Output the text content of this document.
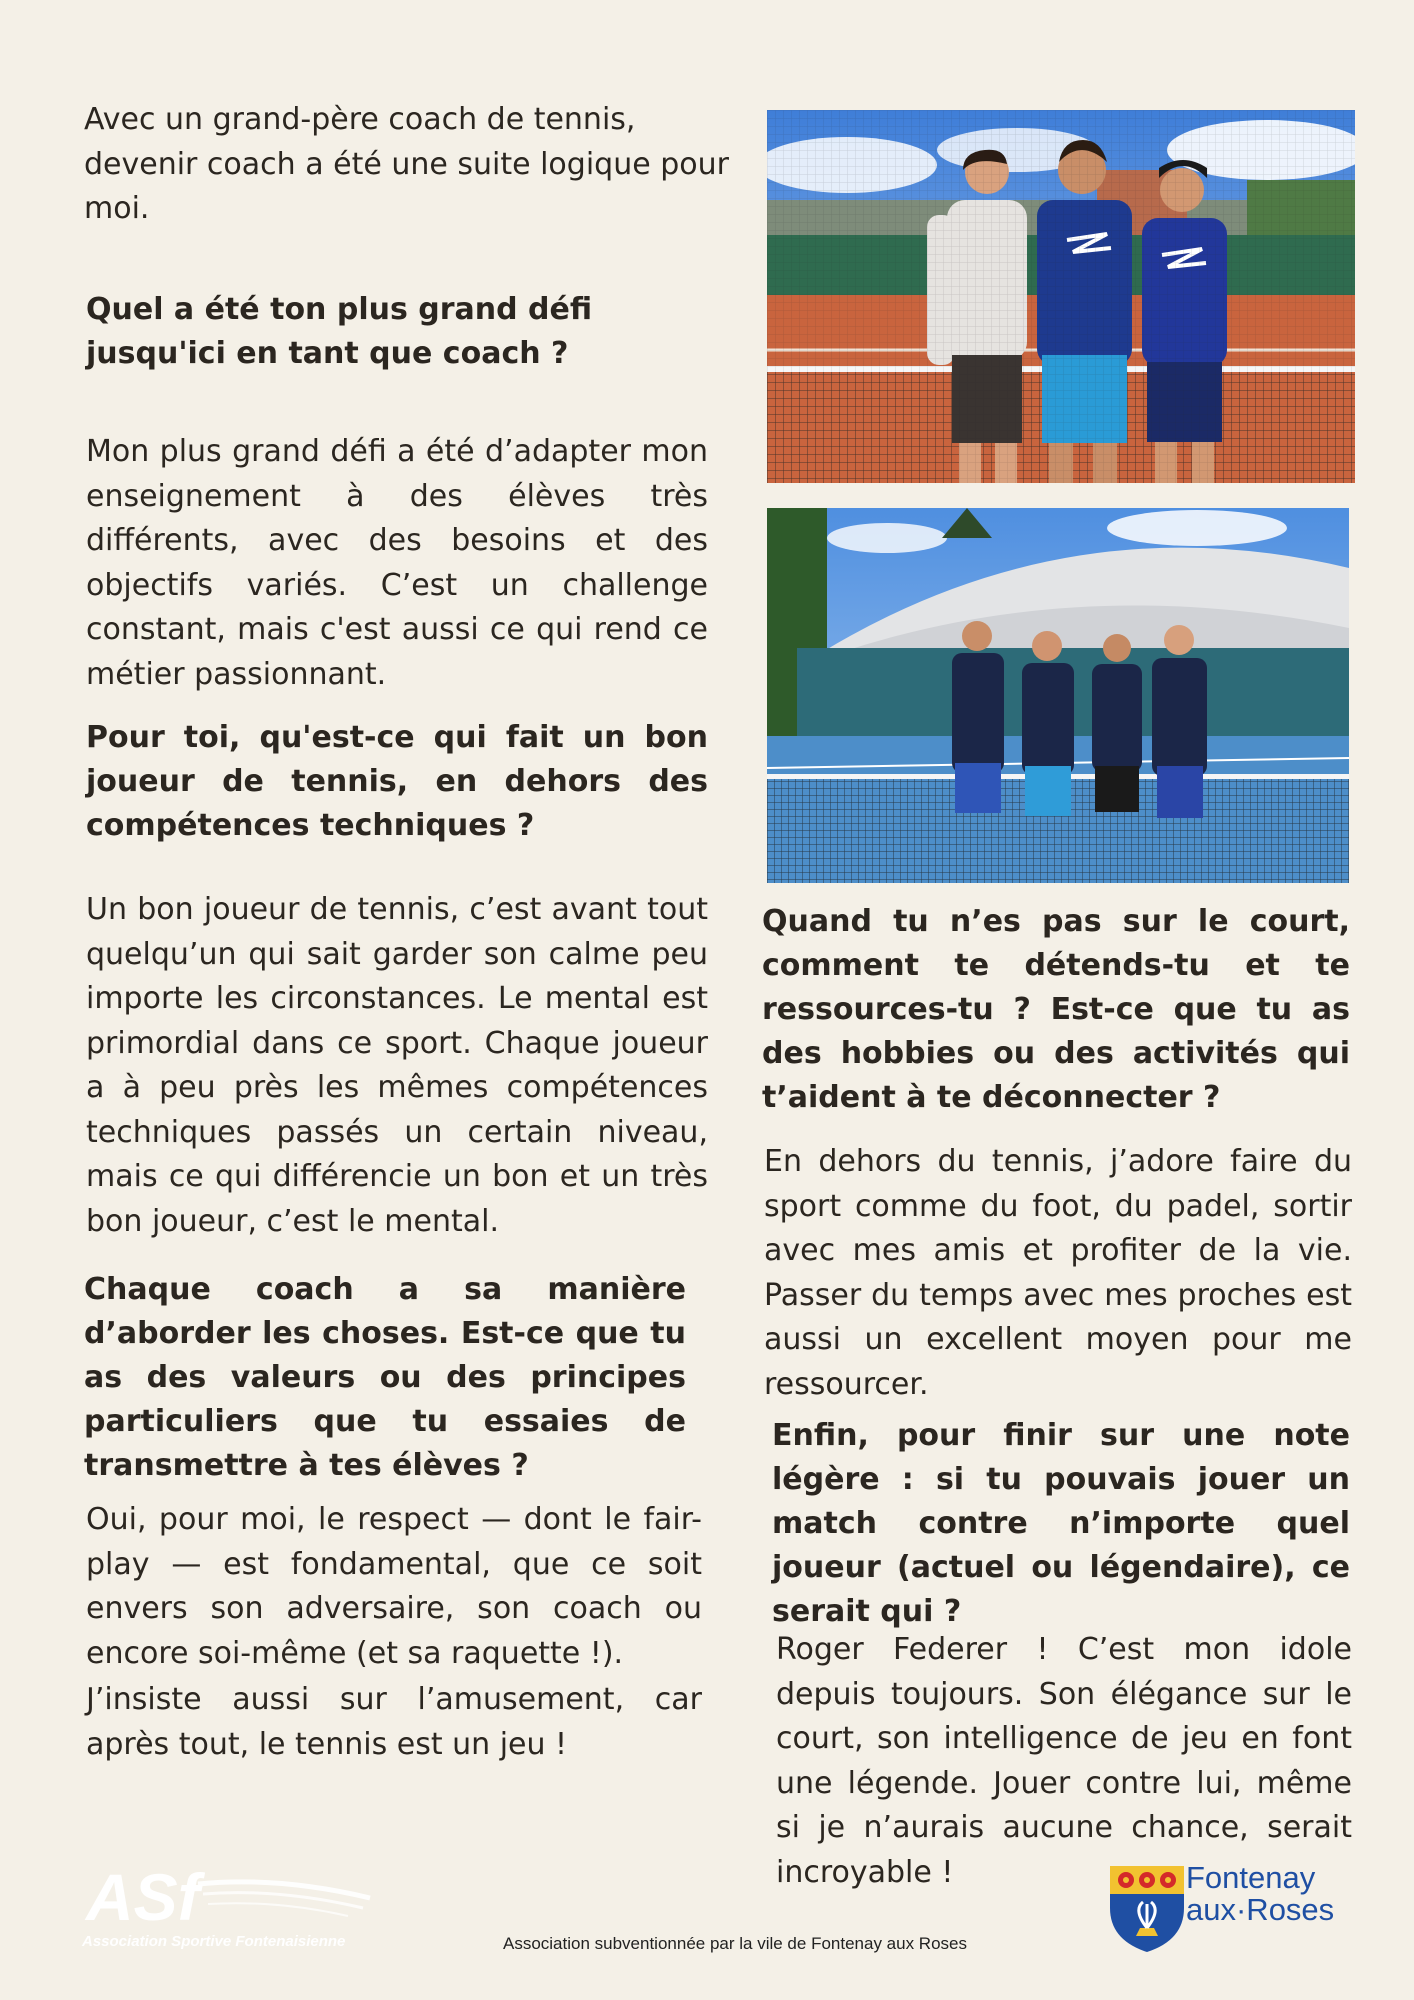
Avec un grand-père coach de tennis, devenir coach a été une suite logique pour moi.
Quel a été ton plus grand défi jusqu'ici en tant que coach ?
Mon plus grand défi a été d’adapter mon enseignement à des élèves très différents, avec des besoins et des objectifs variés. C’est un challenge constant, mais c'est aussi ce qui rend ce métier passionnant.
Pour toi, qu'est-ce qui fait un bon joueur de tennis, en dehors des compétences techniques ?
Un bon joueur de tennis, c’est avant tout quelqu’un qui sait garder son calme peu importe les circonstances. Le mental est primordial dans ce sport. Chaque joueur a à peu près les mêmes compétences techniques passés un certain niveau, mais ce qui différencie un bon et un très bon joueur, c’est le mental.
Chaque coach a sa manière d’aborder les choses. Est-ce que tu as des valeurs ou des principes particuliers que tu essaies de transmettre à tes élèves ?
Oui, pour moi, le respect — dont le fair-play — est fondamental, que ce soit envers son adversaire, son coach ou encore soi-même (et sa raquette !).
J’insiste aussi sur l’amusement, car après tout, le tennis est un jeu !
Quand tu n’es pas sur le court, comment te détends-tu et te ressources-tu ? Est-ce que tu as des hobbies ou des activités qui t’aident à te déconnecter ?
En dehors du tennis, j’adore faire du sport comme du foot, du padel, sortir avec mes amis et profiter de la vie. Passer du temps avec mes proches est aussi un excellent moyen pour me ressourcer.
Enfin, pour finir sur une note légère : si tu pouvais jouer un match contre n’importe quel joueur (actuel ou légendaire), ce serait qui ?
Roger Federer ! C’est mon idole depuis toujours. Son élégance sur le court, son intelligence de jeu en font une légende. Jouer contre lui, même si je n’aurais aucune chance, serait incroyable !
ASf
Association Sportive Fontenaisienne	Association subventionnée par la vile de Fontenay aux Roses
Fontenay
aux·Roses
